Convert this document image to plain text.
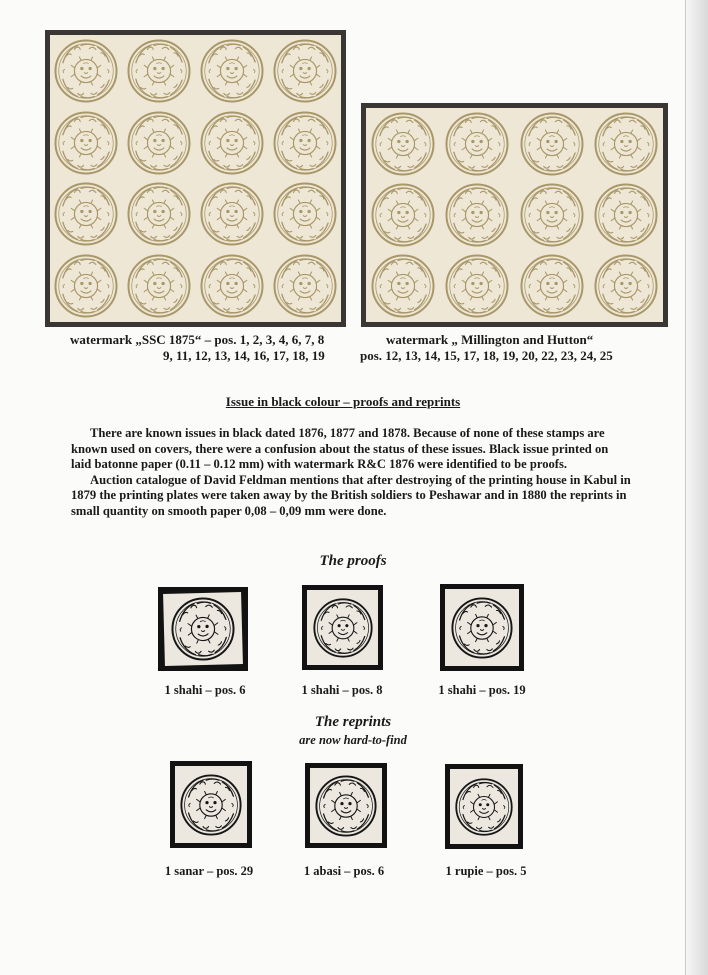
watermark „SSC 1875“ – pos. 1, 2, 3, 4, 6, 7, 8
9, 11, 12, 13, 14, 16, 17, 18, 19
watermark „ Millington and Hutton“
pos. 12, 13, 14, 15, 17, 18, 19, 20, 22, 23, 24, 25
Issue in black colour – proofs and reprints

There are known issues in black dated 1876, 1877 and 1878. Because of none of these stamps are known used on covers, there were a confusion about the status of these issues. Black issue printed on laid batonne paper (0.11 – 0.12 mm) with watermark R&C 1876 were identified to be proofs.

Auction catalogue of David Feldman mentions that after destroying of the printing house in Kabul in 1879 the printing plates were taken away by the British soldiers to Peshawar and in 1880 the reprints in small quantity on smooth paper 0,08 – 0,09 mm were done.

The proofs
1 shahi – pos. 6	1 shahi – pos. 8	1 shahi – pos. 19
The reprints
are now hard-to-find
1 sanar – pos. 29	1 abasi – pos. 6	1 rupie – pos. 5
